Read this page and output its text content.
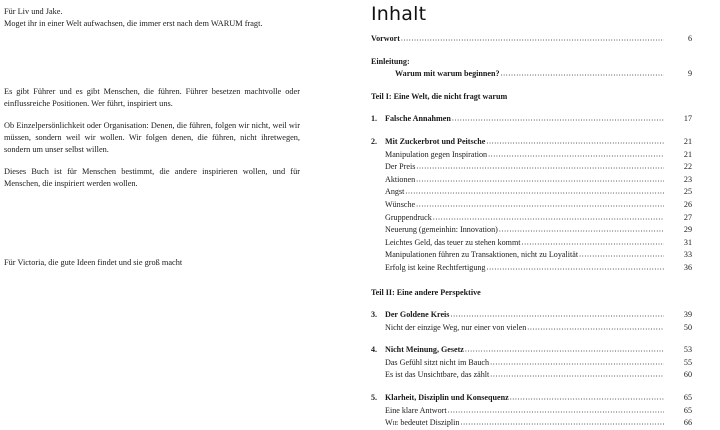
Für Liv und Jake.

Moget ihr in einer Welt aufwachsen, die immer erst nach dem WARUM fragt.

Es gibt Führer und es gibt Menschen, die führen. Führer besetzen machtvolle oder einflussreiche Positionen. Wer führt, inspiriert uns.

Ob Einzelpersönlichkeit oder Organisation: Denen, die führen, folgen wir nicht, weil wir müssen, sondern weil wir wollen. Wir folgen denen, die führen, nicht ihretwegen, sondern um unser selbst willen.

Dieses Buch ist für Menschen bestimmt, die andere inspirieren wollen, und für Menschen, die inspiriert werden wollen.

Für Victoria, die gute Ideen findet und sie groß macht

Inhalt
Vorwort .....	6
Einleitung:
Warum mit warum beginnen? .....	9
Teil I: Eine Welt, die nicht fragt warum
1. Falsche Annahmen .....	17
2. Mit Zuckerbrot und Peitsche .....	21
Manipulation gegen Inspiration .....	21
Der Preis .....	22
Aktionen .....	23
Angst .....	25
Wünsche .....	26
Gruppendruck .....	27
Neuerung (gemeinhin: Innovation) .....	29
Leichtes Geld, das teuer zu stehen kommt .....	31
Manipulationen führen zu Transaktionen, nicht zu Loyalität .....	33
Erfolg ist keine Rechtfertigung .....	36
Teil II: Eine andere Perspektive
3. Der Goldene Kreis .....	39
Nicht der einzige Weg, nur einer von vielen .....	50
4. Nicht Meinung, Gesetz .....	53
Das Gefühl sitzt nicht im Bauch .....	55
Es ist das Unsichtbare, das zählt .....	60
5. Klarheit, Disziplin und Konsequenz .....	65
Eine klare Antwort .....	65
Wie bedeutet Disziplin .....	66
